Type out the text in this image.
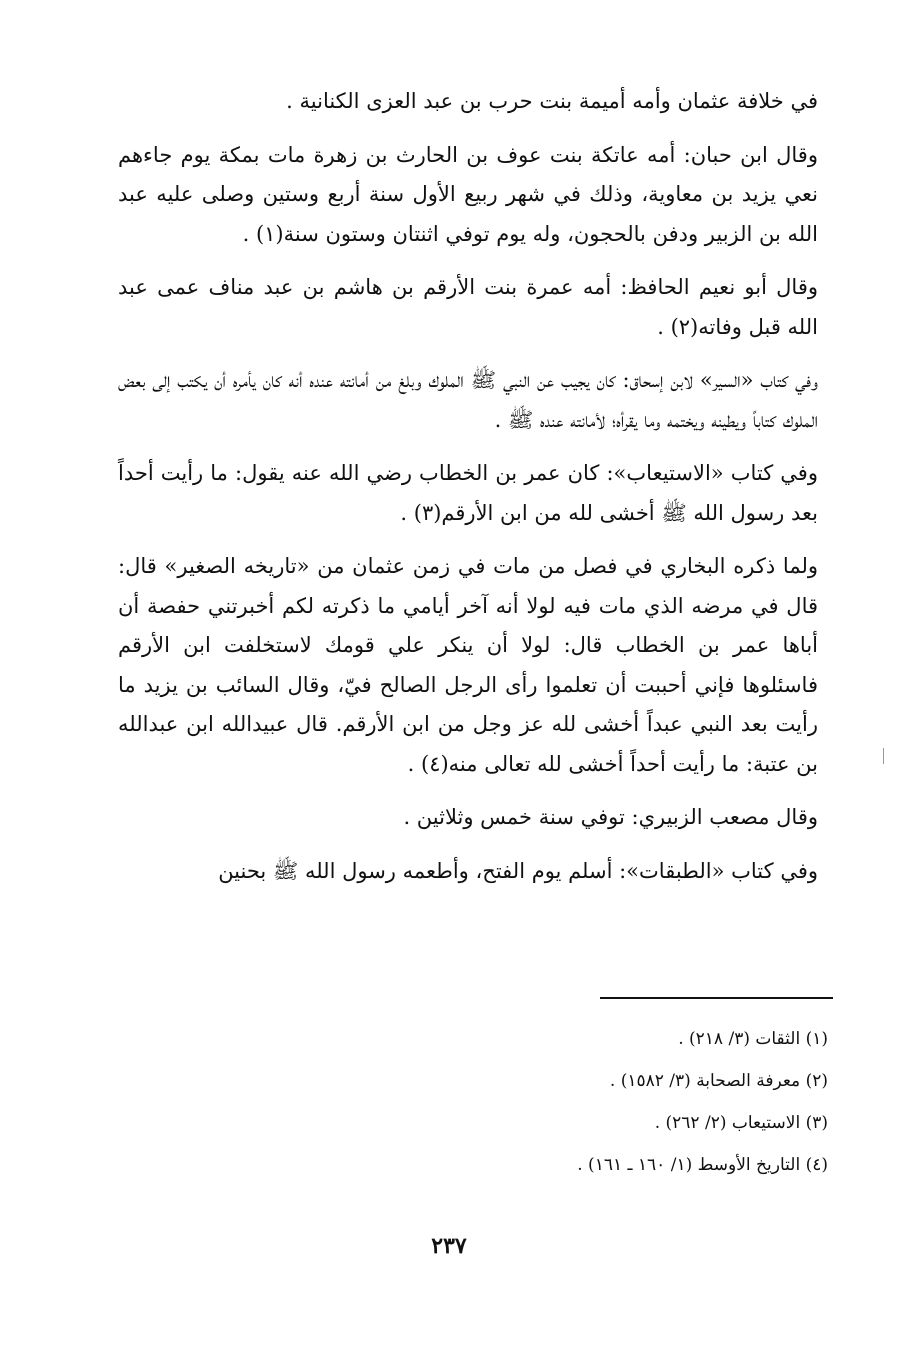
في خلافة عثمان وأمه أميمة بنت حرب بن عبد العزى الكنانية .

وقال ابن حبان: أمه عاتكة بنت عوف بن الحارث بن زهرة مات بمكة يوم جاءهم نعي يزيد بن معاوية، وذلك في شهر ربيع الأول سنة أربع وستين وصلى عليه عبد الله بن الزبير ودفن بالحجون، وله يوم توفي اثنتان وستون سنة(١) .

وقال أبو نعيم الحافظ: أمه عمرة بنت الأرقم بن هاشم بن عبد مناف عمى عبد الله قبل وفاته(٢) .

وفي كتاب «السير» لابن إسحاق: كان يجيب عن النبي ﷺ الملوك وبلغ من أمانته عنده أنه كان يأمره أن يكتب إلى بعض الملوك كتاباً ويطينه ويختمه وما يقرأه؛ لأمانته عنده ﷺ .

وفي كتاب «الاستيعاب»: كان عمر بن الخطاب رضي الله عنه يقول: ما رأيت أحداً بعد رسول الله ﷺ أخشى لله من ابن الأرقم(٣) .

ولما ذكره البخاري في فصل من مات في زمن عثمان من «تاريخه الصغير» قال: قال في مرضه الذي مات فيه لولا أنه آخر أيامي ما ذكرته لكم أخبرتني حفصة أن أباها عمر بن الخطاب قال: لولا أن ينكر علي قومك لاستخلفت ابن الأرقم فاسئلوها فإني أحببت أن تعلموا رأى الرجل الصالح فيّ، وقال السائب بن يزيد ما رأيت بعد النبي عبداً أخشى لله عز وجل من ابن الأرقم. قال عبيدالله ابن عبدالله بن عتبة: ما رأيت أحداً أخشى لله تعالى منه(٤) .

وقال مصعب الزبيري: توفي سنة خمس وثلاثين .

وفي كتاب «الطبقات»: أسلم يوم الفتح، وأطعمه رسول الله ﷺ بحنين

(١) الثقات (٣/ ٢١٨) .

(٢) معرفة الصحابة (٣/ ١٥٨٢) .

(٣) الاستيعاب (٢/ ٢٦٢) .

(٤) التاريخ الأوسط (١/ ١٦٠ ـ ١٦١) .

٢٣٧
